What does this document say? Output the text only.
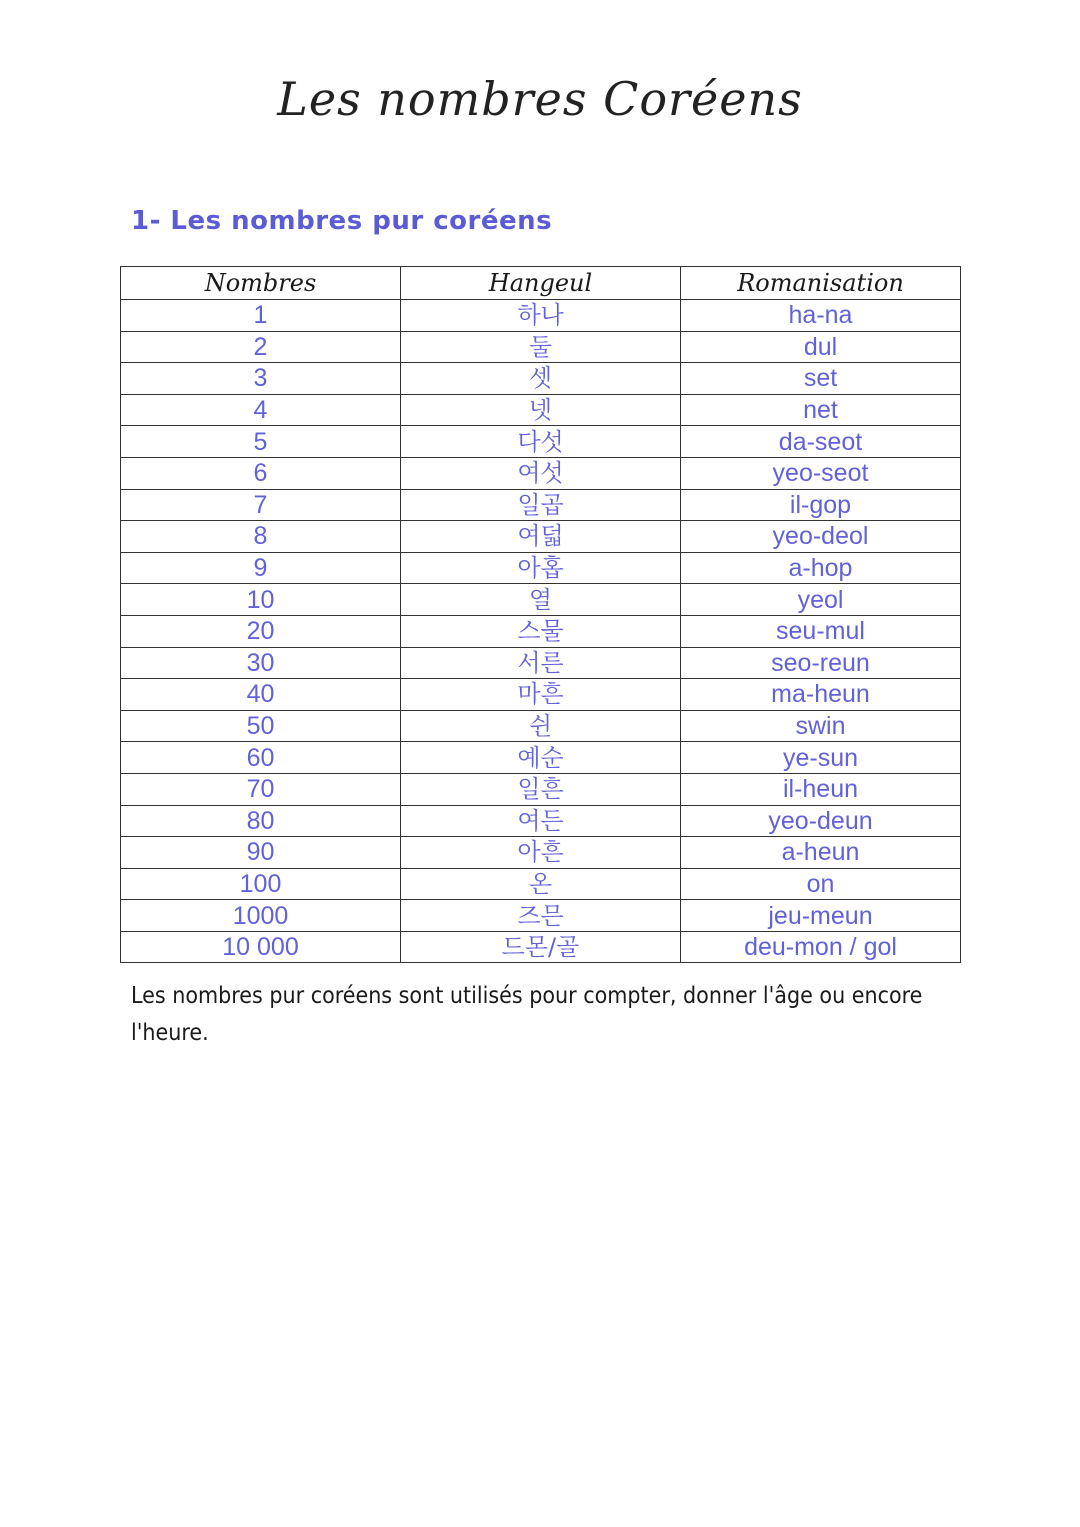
Les nombres Coréens
1- Les nombres pur coréens
Nombres	Hangeul	Romanisation
1	하나	ha-na
2	둘	dul
3	셋	set
4	넷	net
5	다섯	da-seot
6	여섯	yeo-seot
7	일곱	il-gop
8	여덟	yeo-deol
9	아홉	a-hop
10	열	yeol
20	스물	seu-mul
30	서른	seo-reun
40	마흔	ma-heun
50	쉰	swin
60	예순	ye-sun
70	일흔	il-heun
80	여든	yeo-deun
90	아흔	a-heun
100	온	on
1000	즈믄	jeu-meun
10 000	드몬/골	deu-mon / gol
Les nombres pur coréens sont utilisés pour compter, donner l'âge ou encore l'heure.
